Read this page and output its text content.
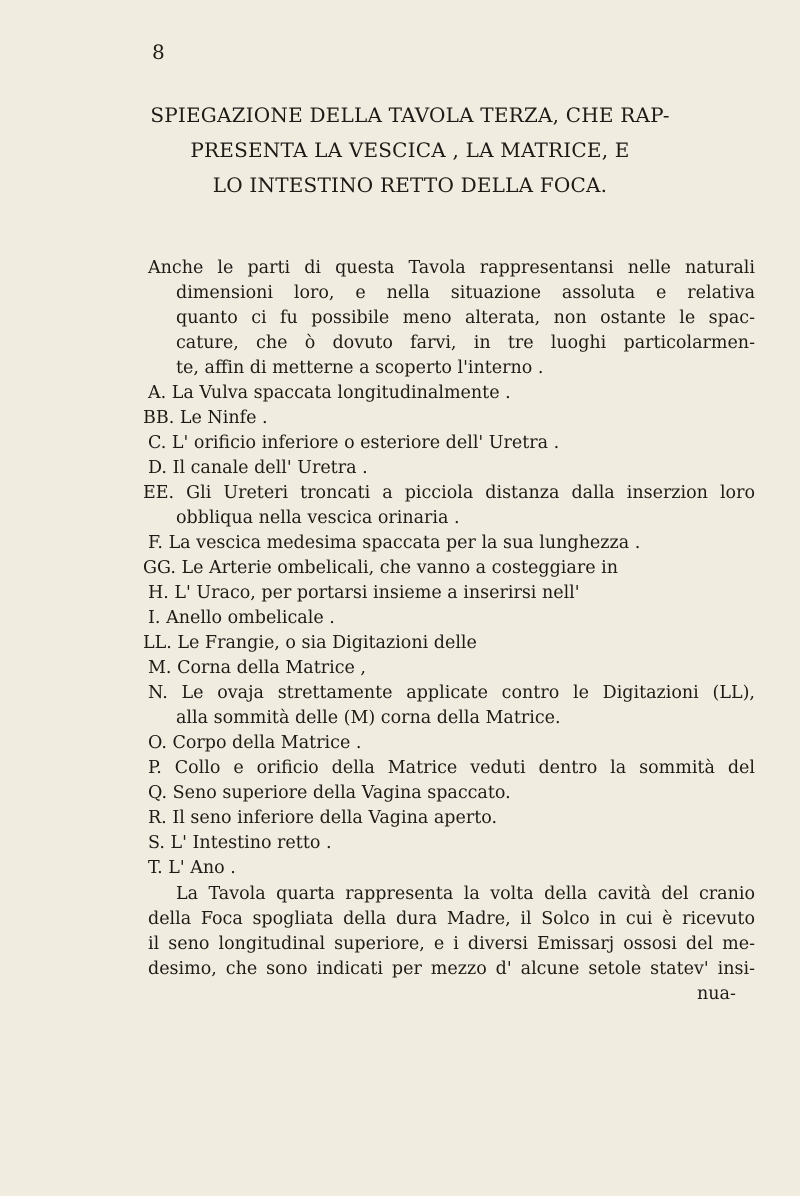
8
SPIEGAZIONE DELLA TAVOLA TERZA, CHE RAP-
PRESENTA LA VESCICA , LA MATRICE, E
LO INTESTINO RETTO DELLA FOCA.
Anche le parti di questa Tavola rappresentansi nelle naturali
dimensioni loro, e nella situazione assoluta e relativa
quanto ci fu possibile meno alterata, non ostante le spac-
cature, che ò dovuto farvi, in tre luoghi particolarmen-
te, affin di metterne a scoperto l'interno .
A. La Vulva spaccata longitudinalmente .
BB. Le Ninfe .
C. L' orificio inferiore o esteriore dell' Uretra .
D. Il canale dell' Uretra .
EE. Gli Ureteri troncati a picciola distanza dalla inserzion loro
obbliqua nella vescica orinaria .
F. La vescica medesima spaccata per la sua lunghezza .
GG. Le Arterie ombelicali, che vanno a costeggiare in
H. L' Uraco, per portarsi insieme a inserirsi nell'
I. Anello ombelicale .
LL. Le Frangie, o sia Digitazioni delle
M. Corna della Matrice ,
N. Le ovaja strettamente applicate contro le Digitazioni (LL),
alla sommità delle (M) corna della Matrice.
O. Corpo della Matrice .
P. Collo e orificio della Matrice veduti dentro la sommità del
Q. Seno superiore della Vagina spaccato.
R. Il seno inferiore della Vagina aperto.
S. L' Intestino retto .
T. L' Ano .
La Tavola quarta rappresenta la volta della cavità del cranio
della Foca spogliata della dura Madre, il Solco in cui è ricevuto
il seno longitudinal superiore, e i diversi Emissarj ossosi del me-
desimo, che sono indicati per mezzo d' alcune setole statev' insi-
nua-
